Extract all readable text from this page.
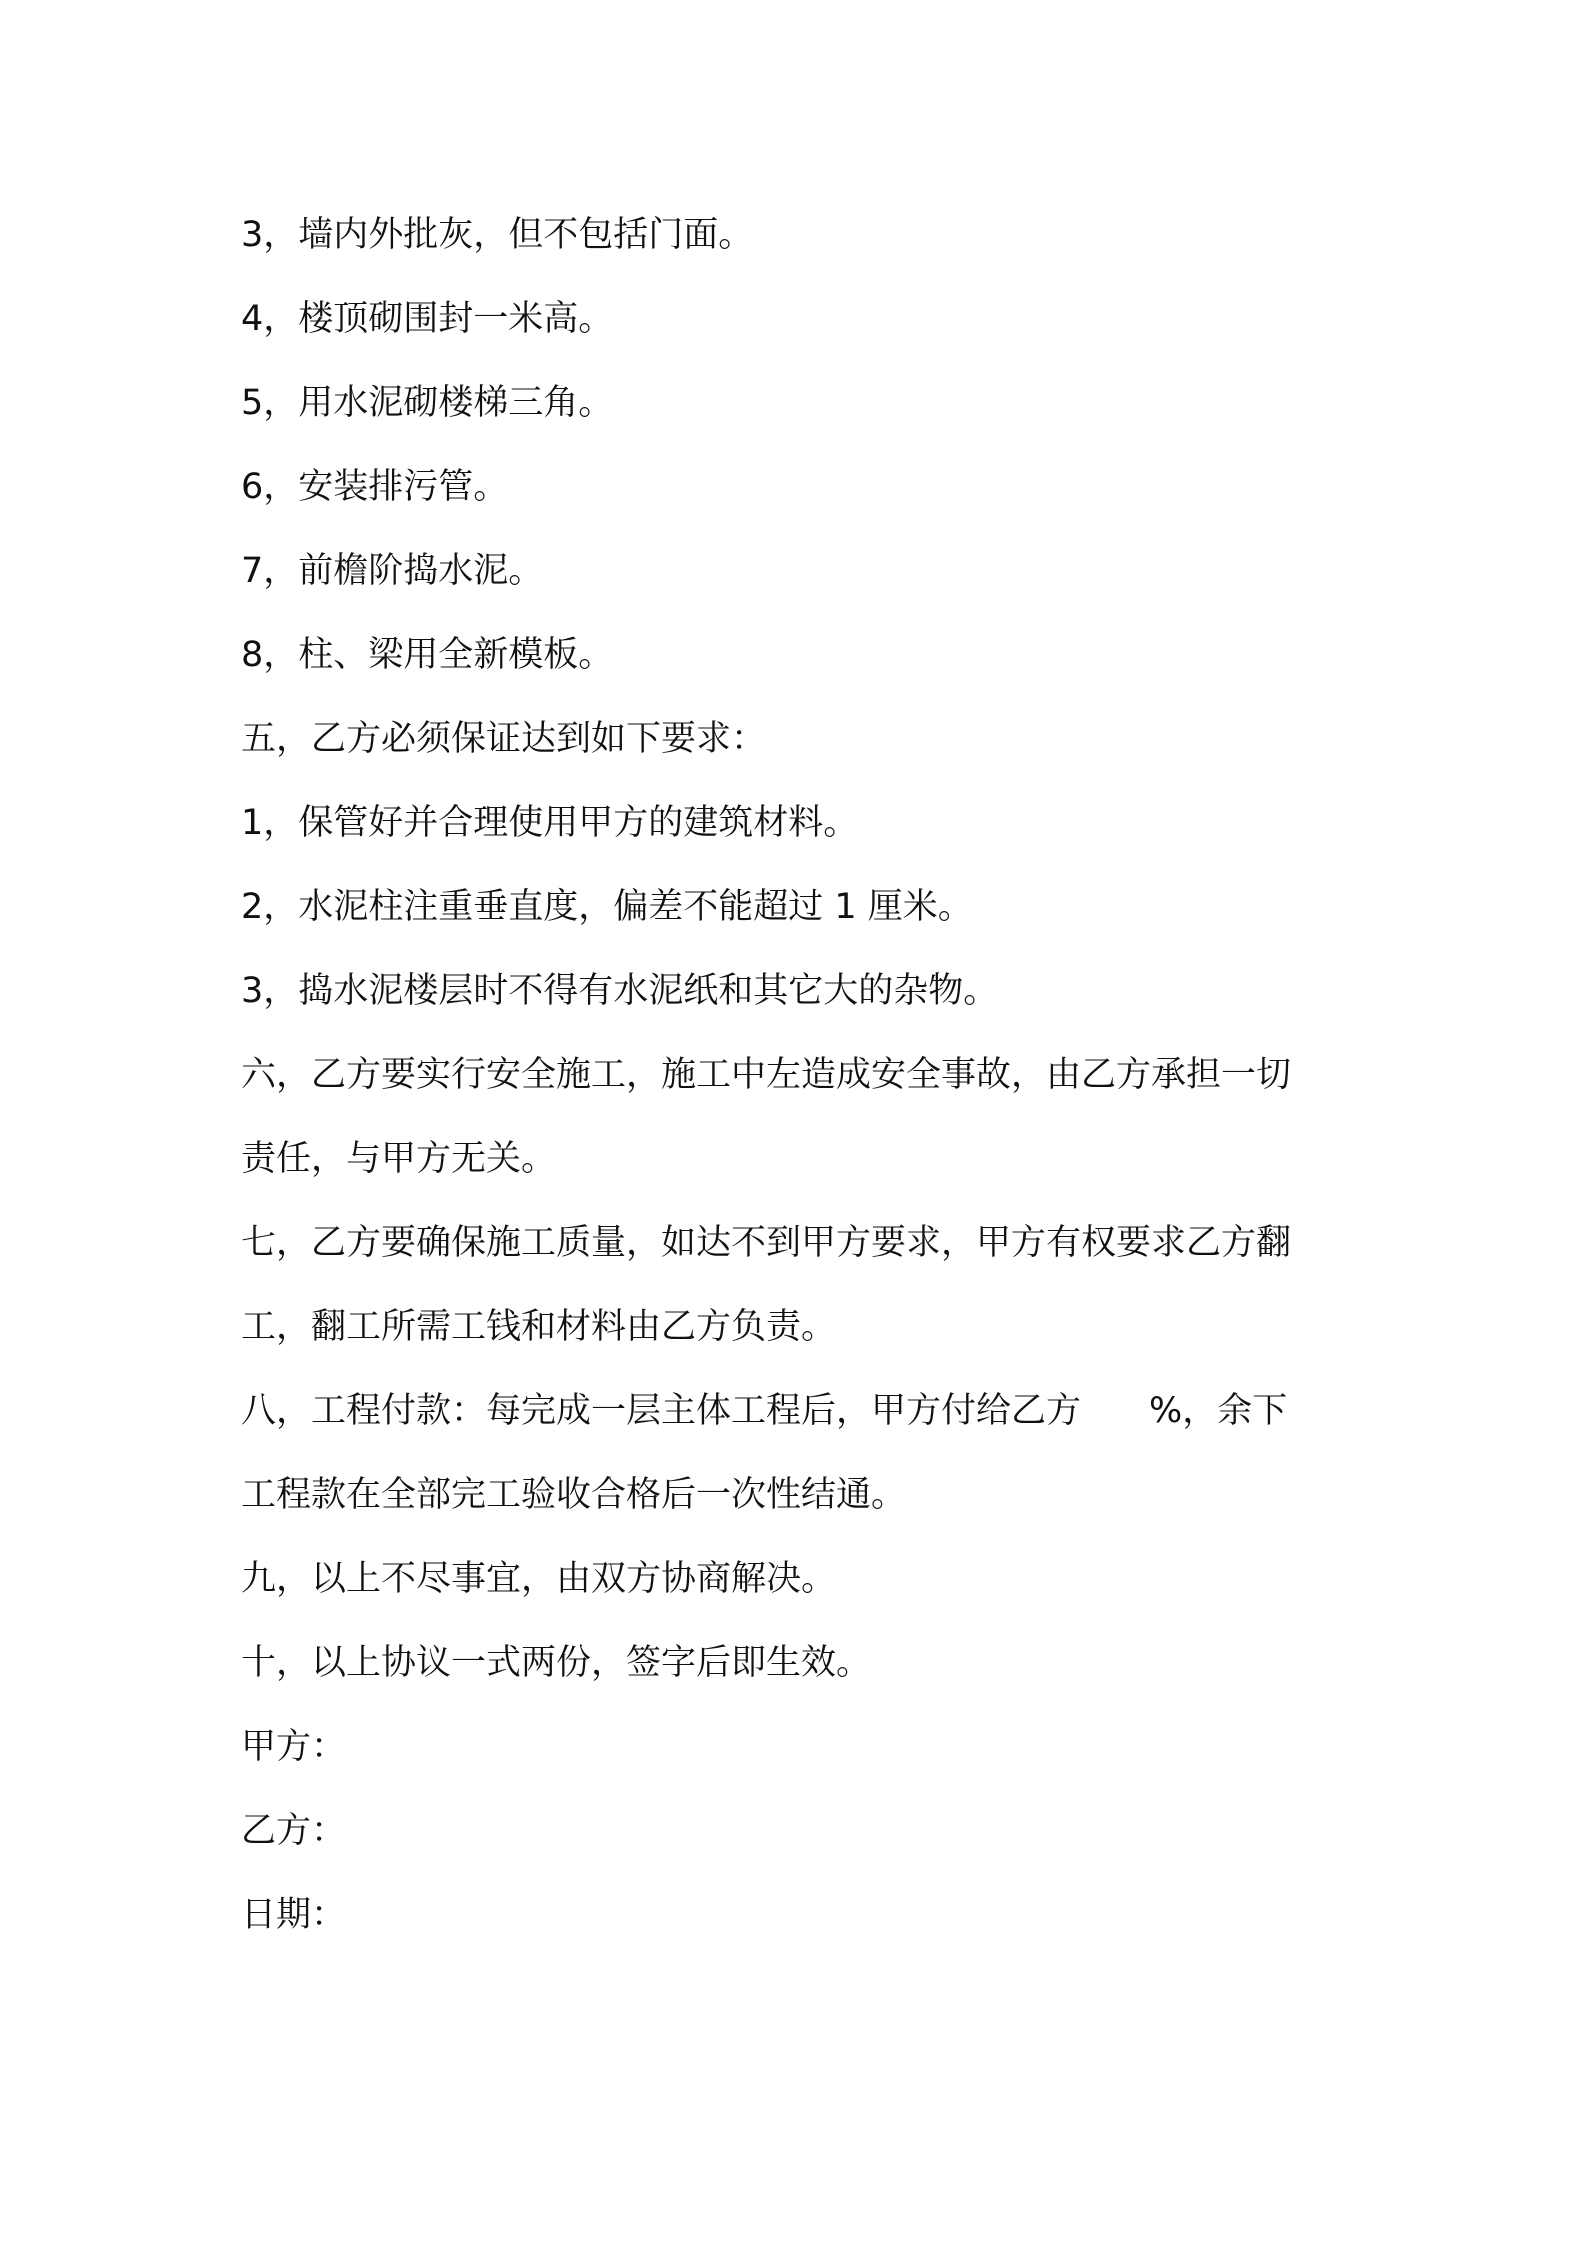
3，墙内外批灰，但不包括门面。

4，楼顶砌围封一米高。

5，用水泥砌楼梯三角。

6，安装排污管。

7，前檐阶捣水泥。

8，柱、梁用全新模板。

五，乙方必须保证达到如下要求：

1，保管好并合理使用甲方的建筑材料。

2，水泥柱注重垂直度，偏差不能超过 1 厘米。

3，捣水泥楼层时不得有水泥纸和其它大的杂物。

六，乙方要实行安全施工，施工中左造成安全事故，由乙方承担一切

责任，与甲方无关。

七，乙方要确保施工质量，如达不到甲方要求，甲方有权要求乙方翻

工，翻工所需工钱和材料由乙方负责。

八，工程付款：每完成一层主体工程后，甲方付给乙方 %，余下

工程款在全部完工验收合格后一次性结通。

九，以上不尽事宜，由双方协商解决。

十，以上协议一式两份，签字后即生效。

甲方：

乙方：

日期：
